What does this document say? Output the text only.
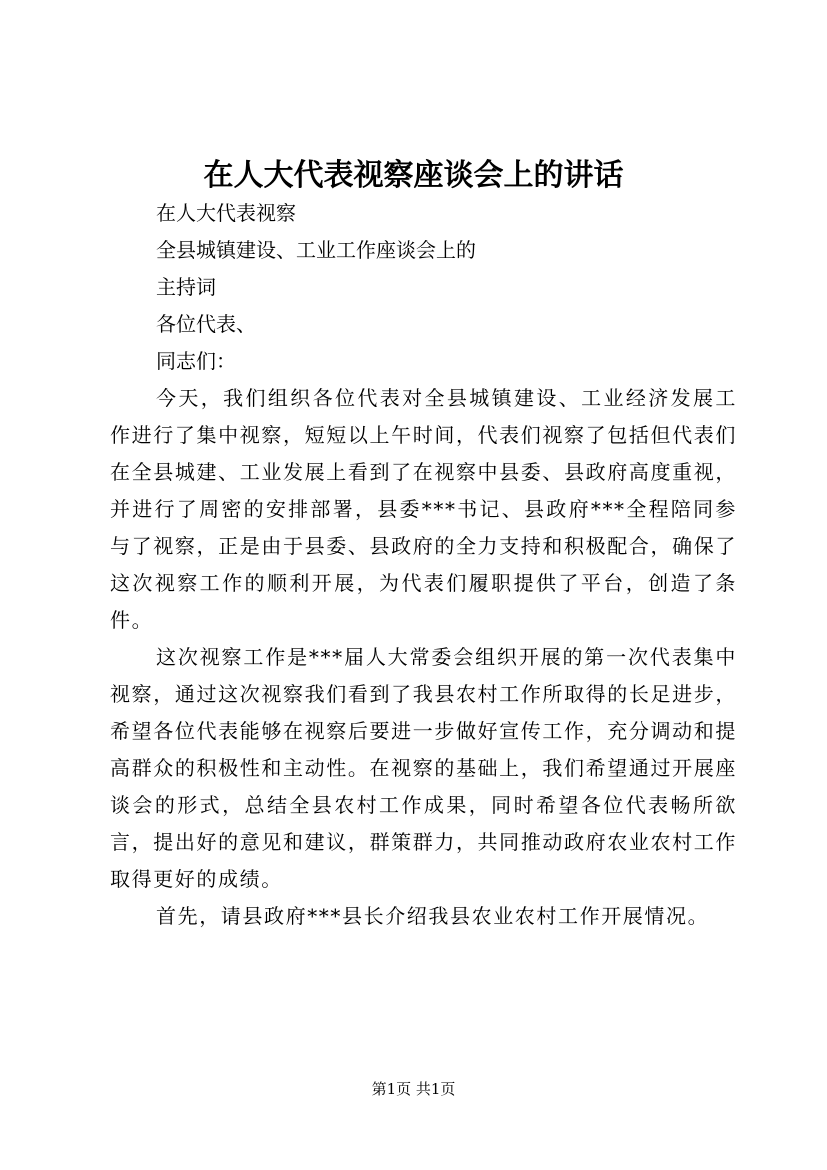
在人大代表视察座谈会上的讲话

在人大代表视察

全县城镇建设、工业工作座谈会上的

主持词

各位代表、

同志们：

今天，我们组织各位代表对全县城镇建设、工业经济发展工作进行了集中视察，短短以上午时间，代表们视察了包括但代表们在全县城建、工业发展上看到了在视察中县委、县政府高度重视，并进行了周密的安排部署，县委***书记、县政府***全程陪同参与了视察，正是由于县委、县政府的全力支持和积极配合，确保了这次视察工作的顺利开展，为代表们履职提供了平台，创造了条件。

这次视察工作是***届人大常委会组织开展的第一次代表集中视察，通过这次视察我们看到了我县农村工作所取得的长足进步，希望各位代表能够在视察后要进一步做好宣传工作，充分调动和提高群众的积极性和主动性。在视察的基础上，我们希望通过开展座谈会的形式，总结全县农村工作成果，同时希望各位代表畅所欲言，提出好的意见和建议，群策群力，共同推动政府农业农村工作取得更好的成绩。

首先，请县政府***县长介绍我县农业农村工作开展情况。

第1页 共1页
